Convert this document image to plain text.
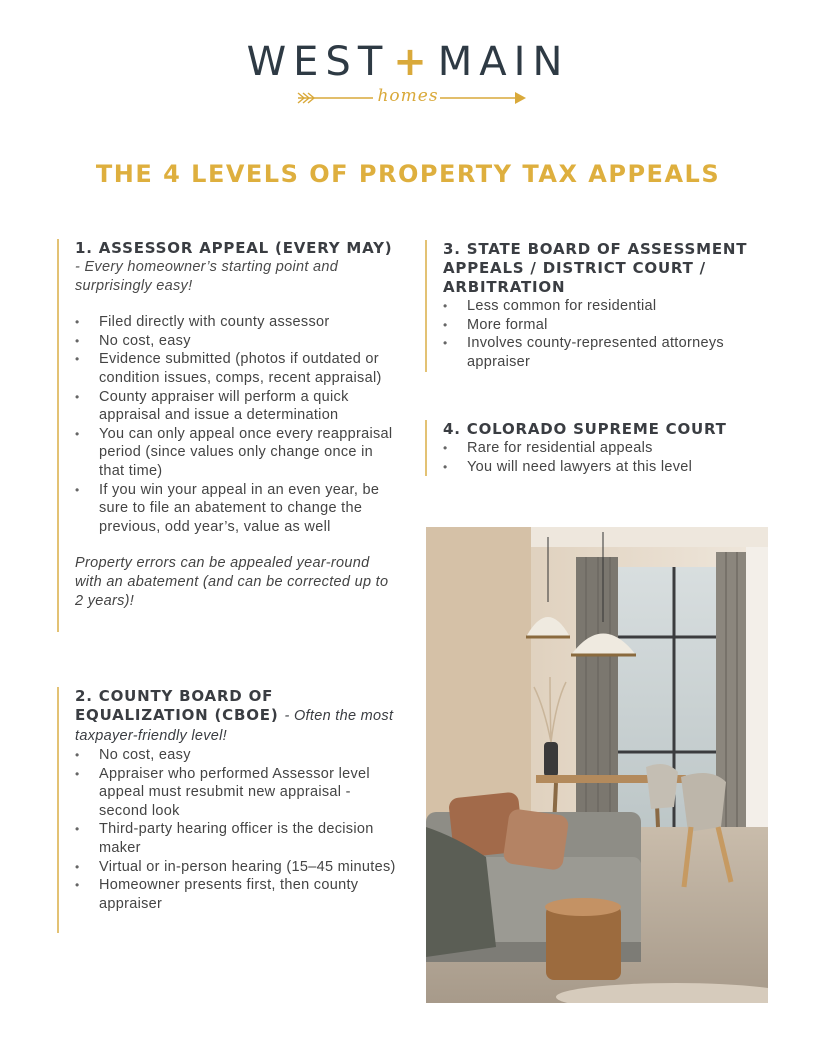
WEST + MAIN
homes
THE 4 LEVELS OF PROPERTY TAX APPEALS
1. ASSESSOR APPEAL (EVERY MAY)
- Every homeowner’s starting point and surprisingly easy!
• Filed directly with county assessor
• No cost, easy
• Evidence submitted (photos if outdated or condition issues, comps, recent appraisal)
• County appraiser will perform a quick appraisal and issue a determination
• You can only appeal once every reappraisal period (since values only change once in that time)
• If you win your appeal in an even year, be sure to file an abatement to change the previous, odd year’s, value as well
Property errors can be appealed year-round with an abatement (and can be corrected up to 2 years)!
2. COUNTY BOARD OF EQUALIZATION (CBOE) - Often the most taxpayer-friendly level!
• No cost, easy
• Appraiser who performed Assessor level appeal must resubmit new appraisal - second look
• Third-party hearing officer is the decision maker
• Virtual or in-person hearing (15–45 minutes)
• Homeowner presents first, then county appraiser
3. STATE BOARD OF ASSESSMENT APPEALS / DISTRICT COURT / ARBITRATION
• Less common for residential
• More formal
• Involves county-represented attorneys appraiser
4. COLORADO SUPREME COURT
• Rare for residential appeals
• You will need lawyers at this level
